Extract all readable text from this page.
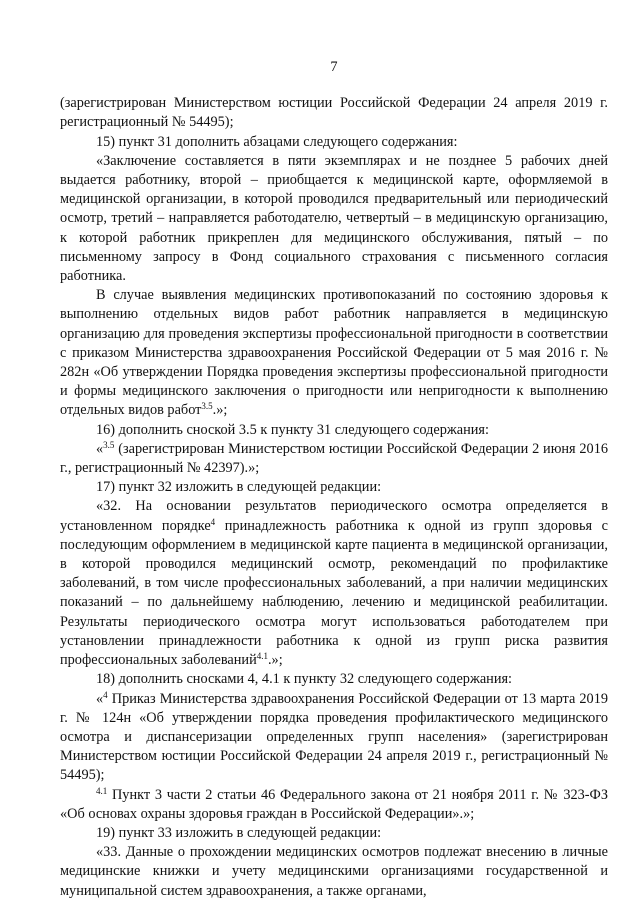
7

(зарегистрирован Министерством юстиции Российской Федерации 24 апреля 2019 г. регистрационный № 54495);

15) пункт 31 дополнить абзацами следующего содержания:

«Заключение составляется в пяти экземплярах и не позднее 5 рабочих дней выдается работнику, второй – приобщается к медицинской карте, оформляемой в медицинской организации, в которой проводился предварительный или периодический осмотр, третий – направляется работодателю, четвертый – в медицинскую организацию, к которой работник прикреплен для медицинского обслуживания, пятый – по письменному запросу в Фонд социального страхования с письменного согласия работника.

В случае выявления медицинских противопоказаний по состоянию здоровья к выполнению отдельных видов работ работник направляется в медицинскую организацию для проведения экспертизы профессиональной пригодности в соответствии с приказом Министерства здравоохранения Российской Федерации от 5 мая 2016 г. № 282н «Об утверждении Порядка проведения экспертизы профессиональной пригодности и формы медицинского заключения о пригодности или непригодности к выполнению отдельных видов работ$^{3.5}$.»;

16) дополнить сноской 3.5 к пункту 31 следующего содержания:

«$^{3.5}$ (зарегистрирован Министерством юстиции Российской Федерации 2 июня 2016 г., регистрационный № 42397).»;

17) пункт 32 изложить в следующей редакции:

«32. На основании результатов периодического осмотра определяется в установленном порядке$^4$ принадлежность работника к одной из групп здоровья с последующим оформлением в медицинской карте пациента в медицинской организации, в которой проводился медицинский осмотр, рекомендаций по профилактике заболеваний, в том числе профессиональных заболеваний, а при наличии медицинских показаний – по дальнейшему наблюдению, лечению и медицинской реабилитации. Результаты периодического осмотра могут использоваться работодателем при установлении принадлежности работника к одной из групп риска развития профессиональных заболеваний$^{4.1}$.»;

18) дополнить сносками 4, 4.1 к пункту 32 следующего содержания:

«$^4$ Приказ Министерства здравоохранения Российской Федерации от 13 марта 2019 г. № 124н «Об утверждении порядка проведения профилактического медицинского осмотра и диспансеризации определенных групп населения» (зарегистрирован Министерством юстиции Российской Федерации 24 апреля 2019 г., регистрационный № 54495);

$^{4.1}$ Пункт 3 части 2 статьи 46 Федерального закона от 21 ноября 2011 г. № 323-ФЗ «Об основах охраны здоровья граждан в Российской Федерации».»;

19) пункт 33 изложить в следующей редакции:

«33. Данные о прохождении медицинских осмотров подлежат внесению в личные медицинские книжки и учету медицинскими организациями государственной и муниципальной систем здравоохранения, а также органами,
